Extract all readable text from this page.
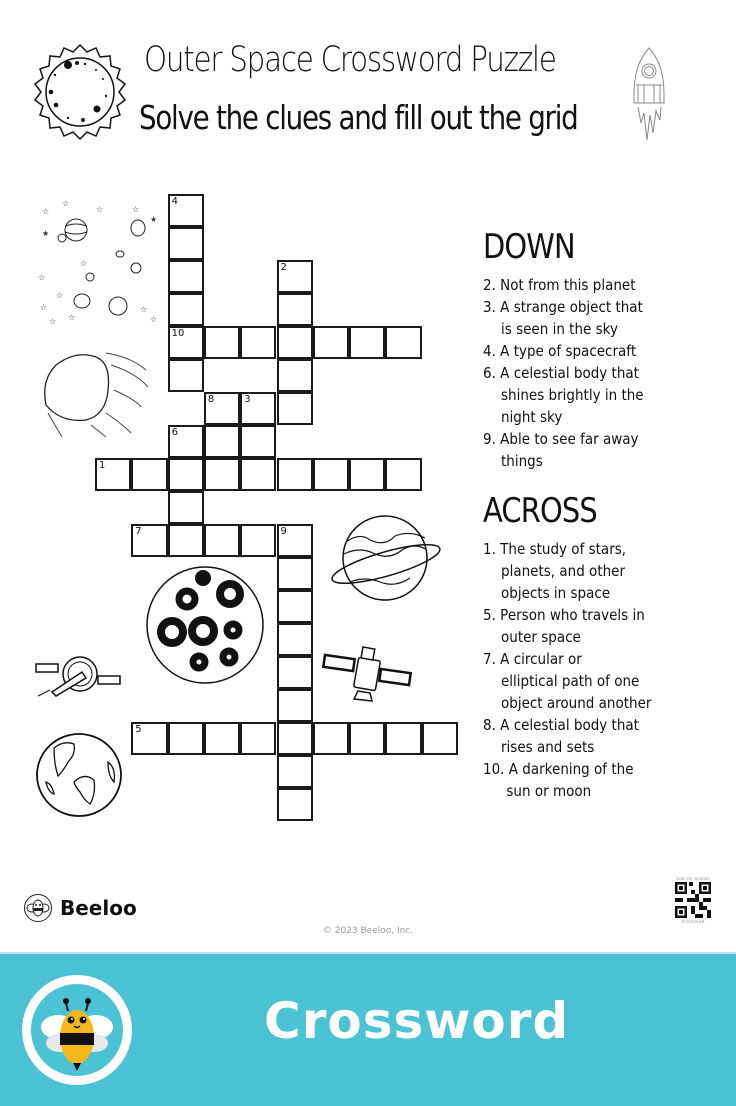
Outer Space Crossword Puzzle
Solve the clues and fill out the grid
☆
☆
☆	☆
★
★
☆
☆
☆
☆
☆ ☆
☆
☆
4
10
2
8	3
6
1
7	9
5
DOWN
2. Not from this planet
3. A strange object that
is seen in the sky
4. A type of spacecraft
6. A celestial body that
shines brightly in the
night sky
9. Able to see far away
things
ACROSS
1. The study of stars,
planets, and other
objects in space
5. Person who travels in
outer space
7. A circular or
elliptical path of one
object around another
8. A celestial body that
rises and sets
10. A darkening of the
sun or moon
Beeloo
© 2023 Beeloo, Inc.
Scan for solution
A7mnV4w9
Crossword
